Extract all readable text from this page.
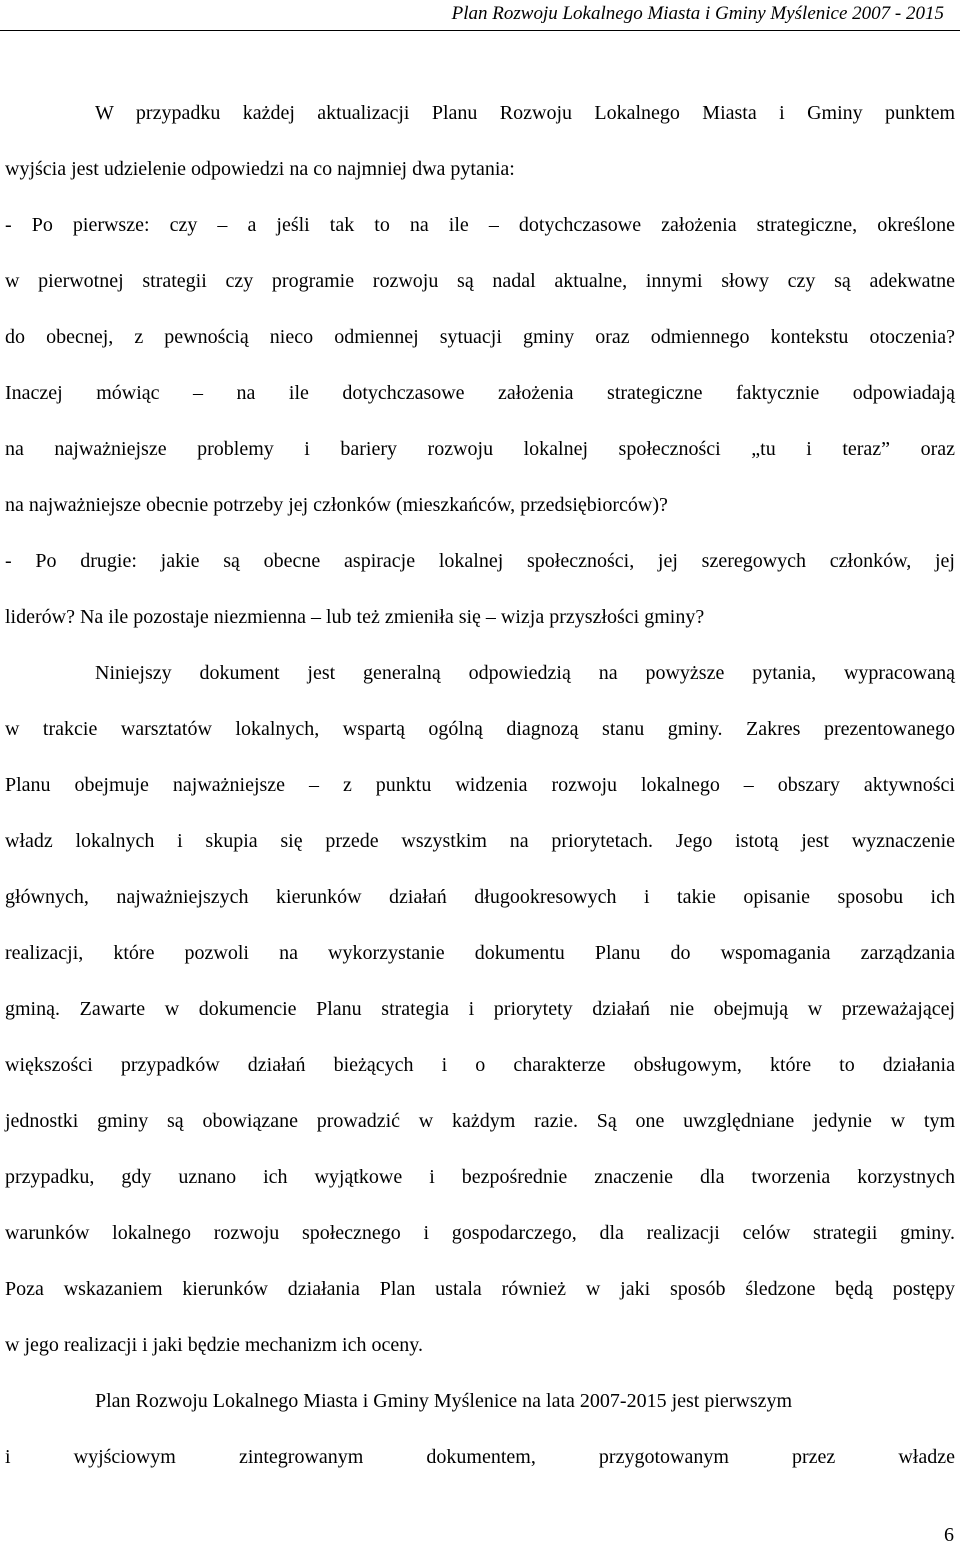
Plan Rozwoju Lokalnego Miasta i Gminy Myślenice 2007 - 2015
W przypadku każdej aktualizacji Planu Rozwoju Lokalnego Miasta i Gminy punktem
wyjścia jest udzielenie odpowiedzi na co najmniej dwa pytania:
- Po pierwsze: czy – a jeśli tak to na ile – dotychczasowe założenia strategiczne, określone
w pierwotnej strategii czy programie rozwoju są nadal aktualne, innymi słowy czy są adekwatne
do obecnej, z pewnością nieco odmiennej sytuacji gminy oraz odmiennego kontekstu otoczenia?
Inaczej mówiąc – na ile dotychczasowe założenia strategiczne faktycznie odpowiadają
na najważniejsze problemy i bariery rozwoju lokalnej społeczności „tu i teraz” oraz
na najważniejsze obecnie potrzeby jej członków (mieszkańców, przedsiębiorców)?
- Po drugie: jakie są obecne aspiracje lokalnej społeczności, jej szeregowych członków, jej
liderów? Na ile pozostaje niezmienna – lub też zmieniła się – wizja przyszłości gminy?
Niniejszy dokument jest generalną odpowiedzią na powyższe pytania, wypracowaną
w trakcie warsztatów lokalnych, wspartą ogólną diagnozą stanu gminy. Zakres prezentowanego
Planu obejmuje najważniejsze – z punktu widzenia rozwoju lokalnego – obszary aktywności
władz lokalnych i skupia się przede wszystkim na priorytetach. Jego istotą jest wyznaczenie
głównych, najważniejszych kierunków działań długookresowych i takie opisanie sposobu ich
realizacji, które pozwoli na wykorzystanie dokumentu Planu do wspomagania zarządzania
gminą. Zawarte w dokumencie Planu strategia i priorytety działań nie obejmują w przeważającej
większości przypadków działań bieżących i o charakterze obsługowym, które to działania
jednostki gminy są obowiązane prowadzić w każdym razie. Są one uwzględniane jedynie w tym
przypadku, gdy uznano ich wyjątkowe i bezpośrednie znaczenie dla tworzenia korzystnych
warunków lokalnego rozwoju społecznego i gospodarczego, dla realizacji celów strategii gminy.
Poza wskazaniem kierunków działania Plan ustala również w jaki sposób śledzone będą postępy
w jego realizacji i jaki będzie mechanizm ich oceny.
Plan Rozwoju Lokalnego Miasta i Gminy Myślenice na lata 2007-2015 jest pierwszym
i wyjściowym zintegrowanym dokumentem, przygotowanym przez władze
6
